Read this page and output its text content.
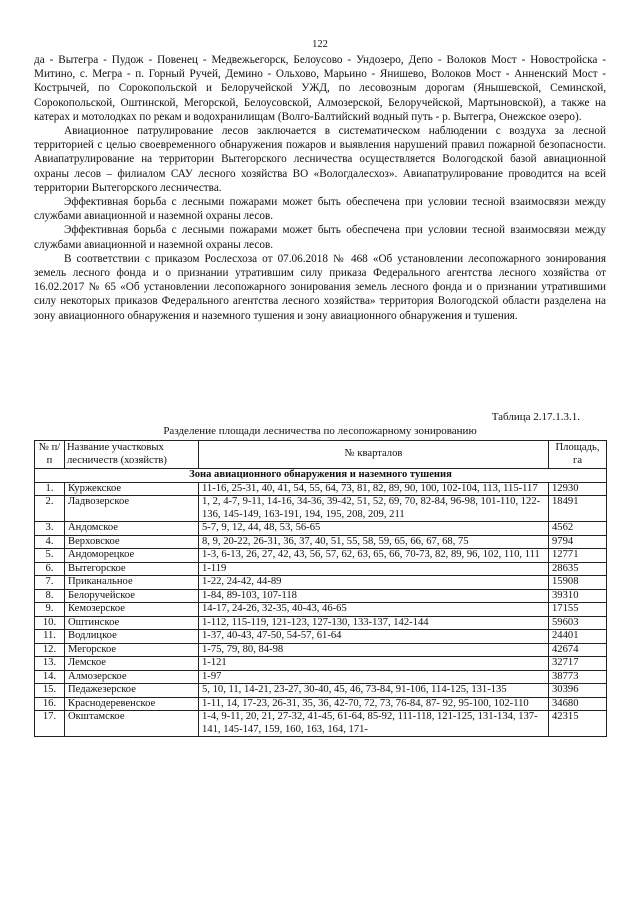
122

да - Вытегра - Пудож - Повенец - Медвежьегорск, Белоусово - Ундозеро, Депо - Волоков Мост - Новостройска - Митино, с. Мегра - п. Горный Ручей, Демино - Ольхово, Марьино - Янишево, Волоков Мост - Анненский Мост - Кострычей, по Сорокопольской и Белоручейской УЖД, по лесовозным дорогам (Янышевской, Семинской, Сорокопольской, Оштинской, Мегорской, Белоусовской, Алмозерской, Белоручейской, Мартыновской), а также на катерах и мотолодках по рекам и водохранилищам (Волго-Балтийский водный путь - р. Вытегра, Онежское озеро).

Авиационное патрулирование лесов заключается в систематическом наблюдении с воздуха за лесной территорией с целью своевременного обнаружения пожаров и выявления нарушений правил пожарной безопасности. Авиапатрулирование на территории Вытегорского лесничества осуществляется Вологодской базой авиационной охраны лесов – филиалом САУ лесного хозяйства ВО «Вологдалесхоз». Авиапатрулирование проводится на всей территории Вытегорского лесничества.

Эффективная борьба с лесными пожарами может быть обеспечена при условии тесной взаимосвязи между службами авиационной и наземной охраны лесов.

Эффективная борьба с лесными пожарами может быть обеспечена при условии тесной взаимосвязи между службами авиационной и наземной охраны лесов.

В соответствии с приказом Рослесхоза от 07.06.2018 № 468 «Об установлении лесопожарного зонирования земель лесного фонда и о признании утратившим силу приказа Федерального агентства лесного хозяйства от 16.02.2017 № 65 «Об установлении лесопожарного зонирования земель лесного фонда и о признании утратившими силу некоторых приказов Федерального агентства лесного хозяйства» территория Вологодской области разделена на зону авиационного обнаружения и наземного тушения и зону авиационного обнаружения и тушения.

Таблица 2.17.1.3.1.
Разделение площади лесничества по лесопожарному зонированию
№ п/п	Название участковых лесничеств (хозяйств)	№ кварталов	Площадь, га
Зона авиационного обнаружения и наземного тушения			
1.	Куржекское	11-16, 25-31, 40, 41, 54, 55, 64, 73, 81, 82, 89, 90, 100, 102-104, 113, 115-117	12930
2.	Ладвозерское	1, 2, 4-7, 9-11, 14-16, 34-36, 39-42, 51, 52, 69, 70, 82-84, 96-98, 101-110, 122-136, 145-149, 163-191, 194, 195, 208, 209, 211	18491
3.	Андомское	5-7, 9, 12, 44, 48, 53, 56-65	4562
4.	Верховское	8, 9, 20-22, 26-31, 36, 37, 40, 51, 55, 58, 59, 65, 66, 67, 68, 75	9794
5.	Андоморецкое	1-3, 6-13, 26, 27, 42, 43, 56, 57, 62, 63, 65, 66, 70-73, 82, 89, 96, 102, 110, 111	12771
6.	Вытегорское	1-119	28635
7.	Приканальное	1-22, 24-42, 44-89	15908
8.	Белоручейское	1-84, 89-103, 107-118	39310
9.	Кемозерское	14-17, 24-26, 32-35, 40-43, 46-65	17155
10.	Оштинское	1-112, 115-119, 121-123, 127-130, 133-137, 142-144	59603
11.	Водлицкое	1-37, 40-43, 47-50, 54-57, 61-64	24401
12.	Мегорское	1-75, 79, 80, 84-98	42674
13.	Лемское	1-121	32717
14.	Алмозерское	1-97	38773
15.	Педажезерское	5, 10, 11, 14-21, 23-27, 30-40, 45, 46, 73-84, 91-106, 114-125, 131-135	30396
16.	Краснодеревенское	1-11, 14, 17-23, 26-31, 35, 36, 42-70, 72, 73, 76-84, 87- 92, 95-100, 102-110	34680
17.	Окштамское	1-4, 9-11, 20, 21, 27-32, 41-45, 61-64, 85-92, 111-118, 121-125, 131-134, 137-141, 145-147, 159, 160, 163, 164, 171-	42315
